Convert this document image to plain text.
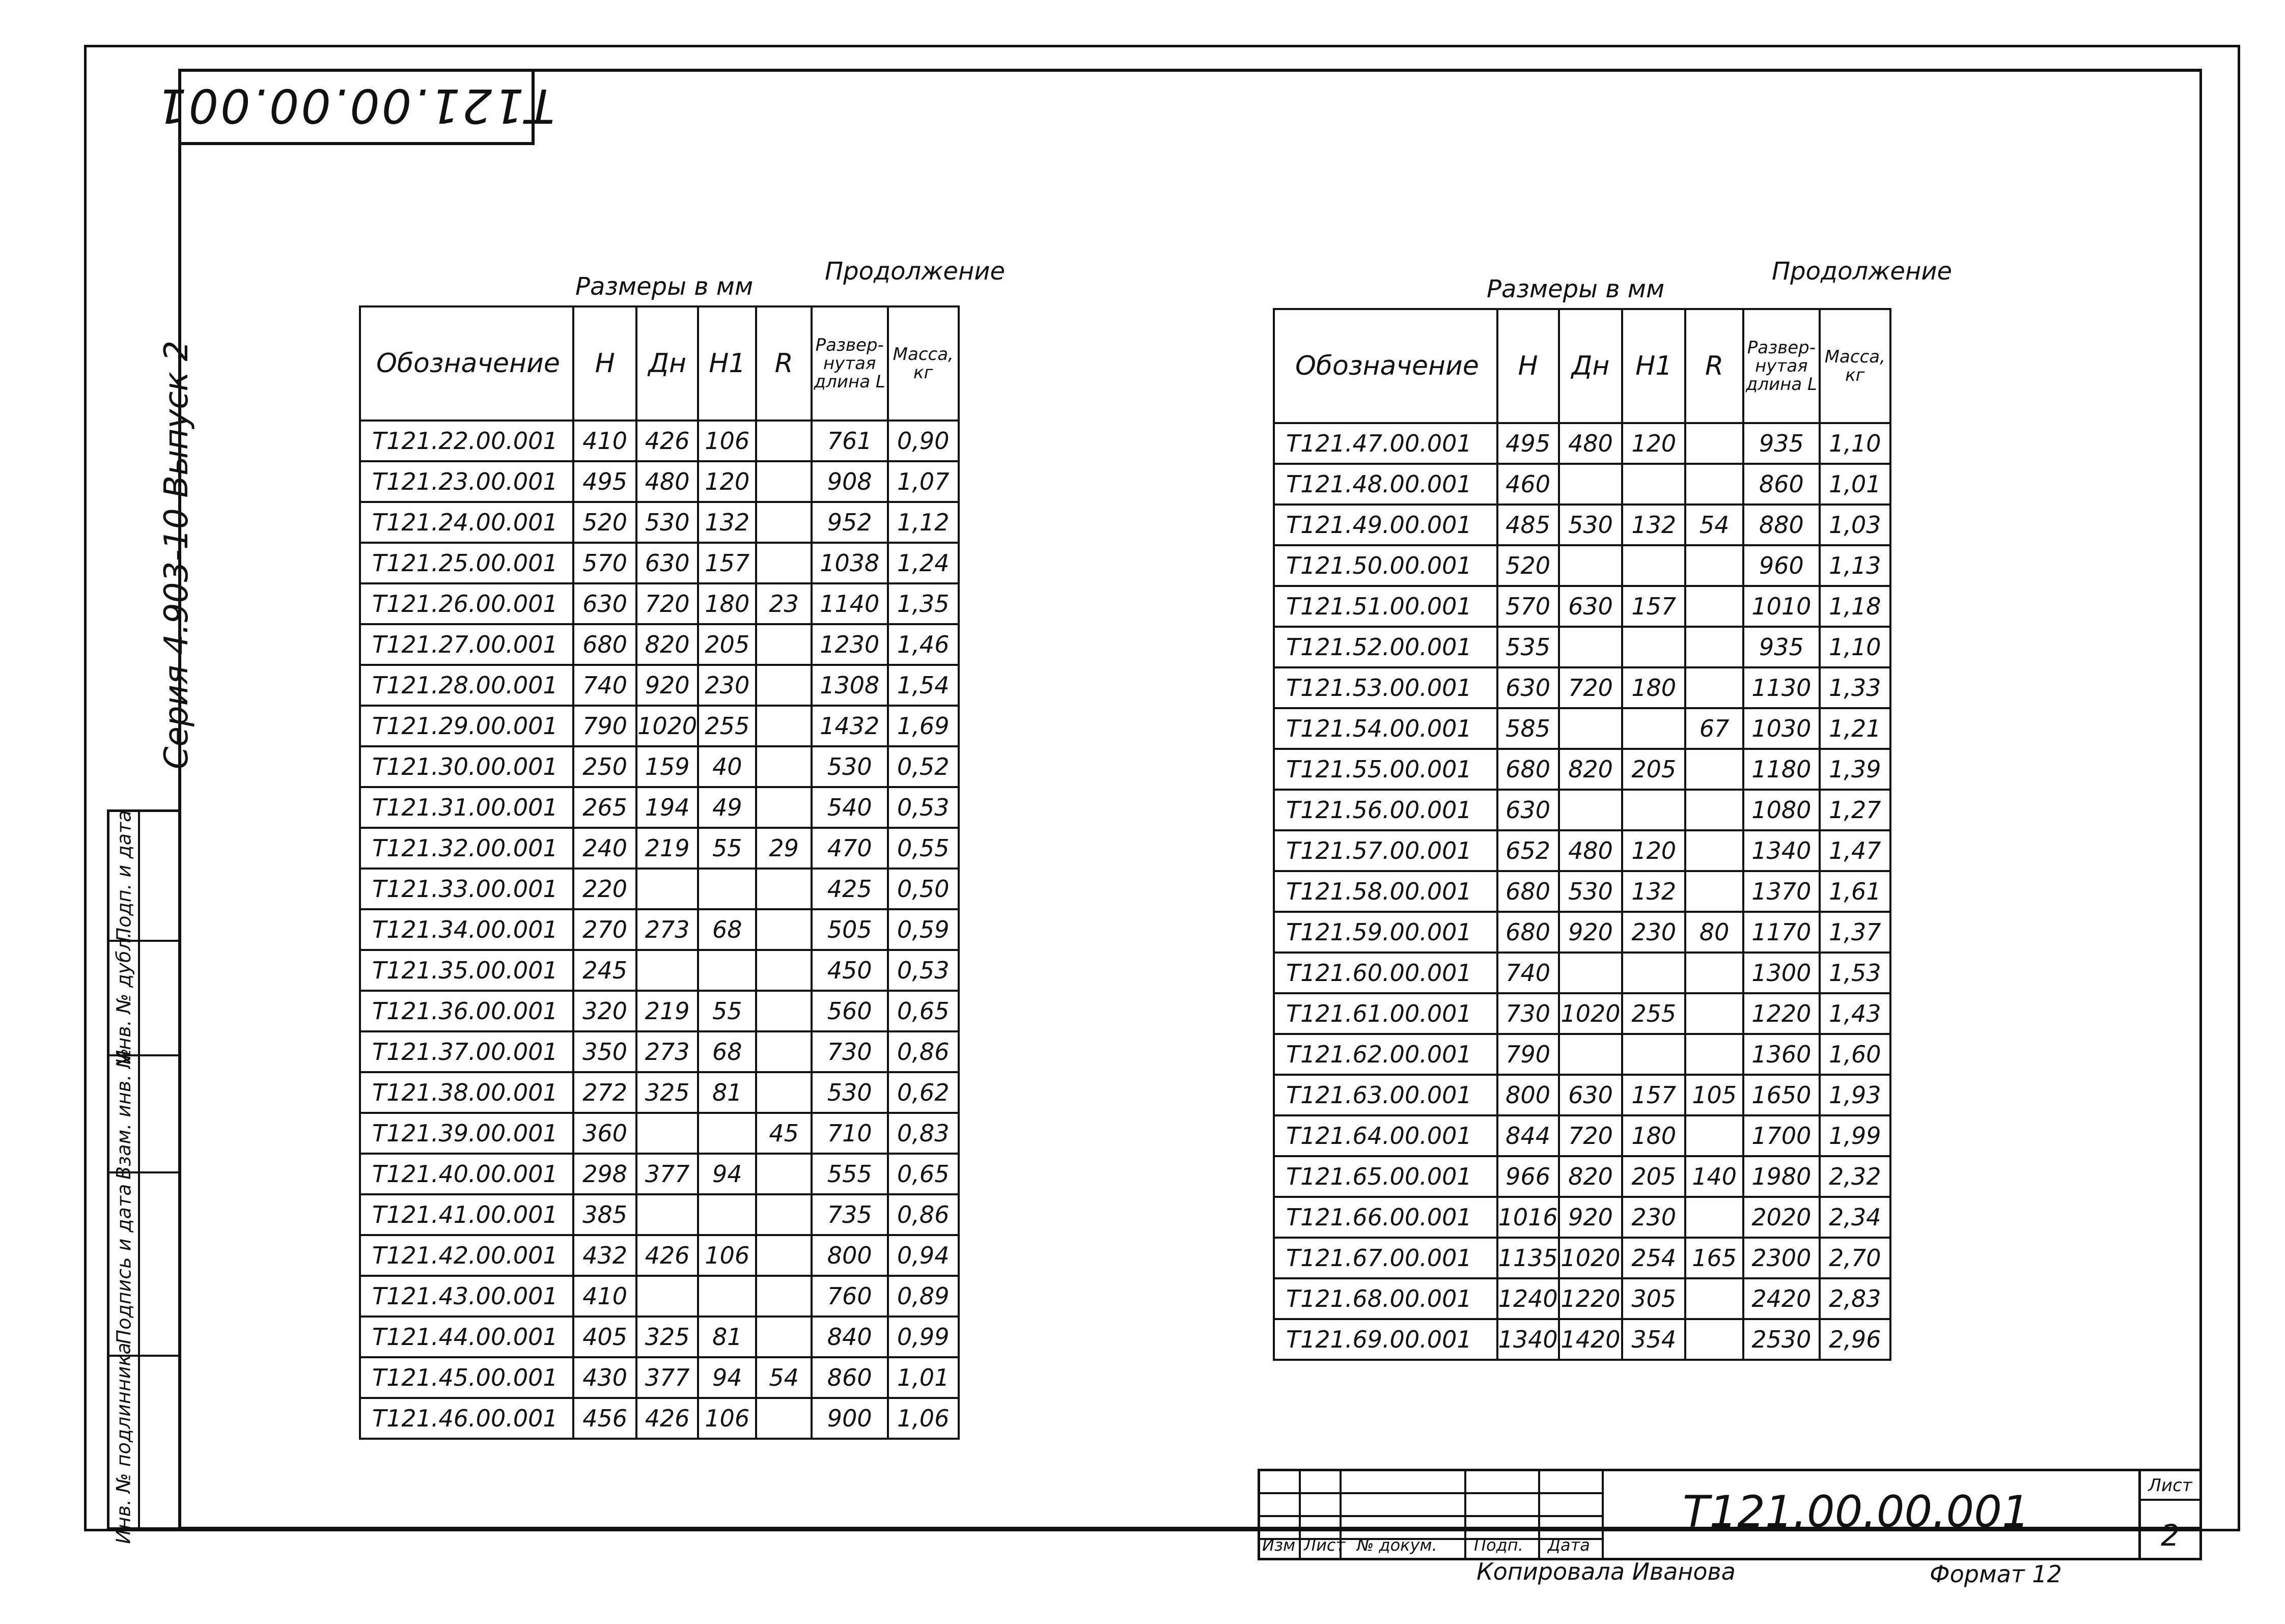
Т121.00.00.001
Серия 4.903-10 Выпуск 2
Подп. и дата
Инв. № дубл.
Взам. инв. №
Подпись и дата
Инв. № подлинника
Размеры в мм
Продолжение
Обозначение	Н	Дн	Н1	R	Развер-нутая длина L	Масса, кг
Т121.22.00.001	410	426	106		761	0,90
Т121.23.00.001	495	480	120		908	1,07
Т121.24.00.001	520	530	132		952	1,12
Т121.25.00.001	570	630	157		1038	1,24
Т121.26.00.001	630	720	180	23	1140	1,35
Т121.27.00.001	680	820	205		1230	1,46
Т121.28.00.001	740	920	230		1308	1,54
Т121.29.00.001	790	1020	255		1432	1,69
Т121.30.00.001	250	159	40		530	0,52
Т121.31.00.001	265	194	49		540	0,53
Т121.32.00.001	240	219	55	29	470	0,55
Т121.33.00.001	220				425	0,50
Т121.34.00.001	270	273	68		505	0,59
Т121.35.00.001	245				450	0,53
Т121.36.00.001	320	219	55		560	0,65
Т121.37.00.001	350	273	68		730	0,86
Т121.38.00.001	272	325	81		530	0,62
Т121.39.00.001	360			45	710	0,83
Т121.40.00.001	298	377	94		555	0,65
Т121.41.00.001	385				735	0,86
Т121.42.00.001	432	426	106		800	0,94
Т121.43.00.001	410				760	0,89
Т121.44.00.001	405	325	81		840	0,99
Т121.45.00.001	430	377	94	54	860	1,01
Т121.46.00.001	456	426	106		900	1,06
Размеры в мм
Продолжение
Обозначение	Н	Дн	Н1	R	Развер-нутая длина L	Масса, кг
Т121.47.00.001	495	480	120		935	1,10
Т121.48.00.001	460				860	1,01
Т121.49.00.001	485	530	132	54	880	1,03
Т121.50.00.001	520				960	1,13
Т121.51.00.001	570	630	157		1010	1,18
Т121.52.00.001	535				935	1,10
Т121.53.00.001	630	720	180		1130	1,33
Т121.54.00.001	585			67	1030	1,21
Т121.55.00.001	680	820	205		1180	1,39
Т121.56.00.001	630				1080	1,27
Т121.57.00.001	652	480	120		1340	1,47
Т121.58.00.001	680	530	132		1370	1,61
Т121.59.00.001	680	920	230	80	1170	1,37
Т121.60.00.001	740				1300	1,53
Т121.61.00.001	730	1020	255		1220	1,43
Т121.62.00.001	790				1360	1,60
Т121.63.00.001	800	630	157	105	1650	1,93
Т121.64.00.001	844	720	180		1700	1,99
Т121.65.00.001	966	820	205	140	1980	2,32
Т121.66.00.001	1016	920	230		2020	2,34
Т121.67.00.001	1135	1020	254	165	2300	2,70
Т121.68.00.001	1240	1220	305		2420	2,83
Т121.69.00.001	1340	1420	354		2530	2,96
Изм Лист № докум. Подп. Дата
Т121.00.00.001
Лист
2
Копировала Иванова	Формат 12
